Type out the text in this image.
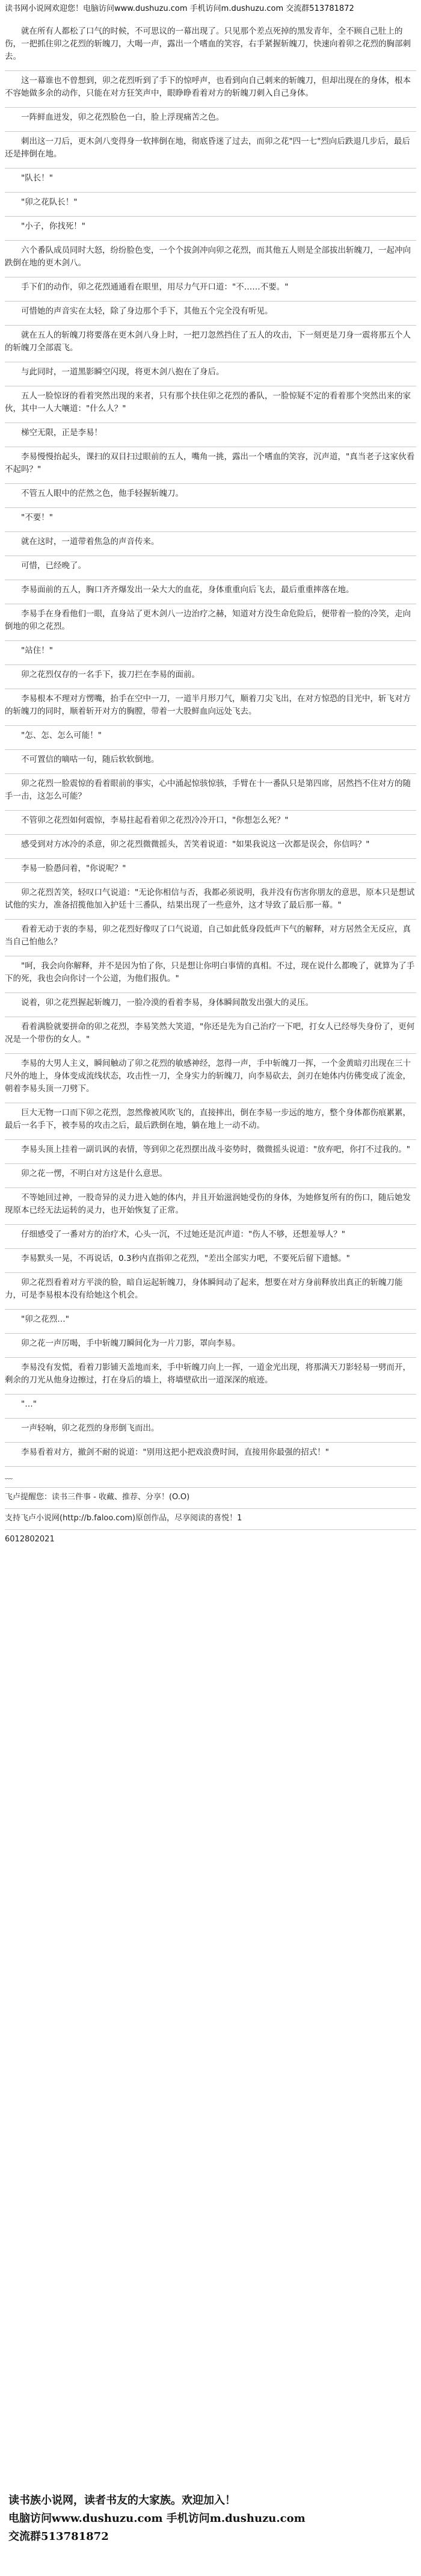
读书网小说网欢迎您！电脑访问www.dushuzu.com 手机访问m.dushuzu.com 交流群513781872
就在所有人都松了口气的时候，不可思议的一幕出现了。只见那个差点死掉的黑发青年，全不顾自己肚上的伤，一把抓住卯之花烈的斩魄刀，大喝一声，露出一个嗜血的笑容，右手紧握斩魄刀，快速向着卯之花烈的胸部刺去。
这一幕谁也不曾想到，卯之花烈听到了手下的惊呼声，也看到向自己刺来的斩魄刀，但却出现在的身体，根本不容她做多余的动作，只能在对方狂笑声中，眼睁睁看着对方的斩魄刀刺入自己身体。
一阵鲜血迸发，卯之花烈脸色一白，脸上浮现痛苦之色。
刺出这一刀后，更木剑八变得身一软摔倒在地，彻底昏迷了过去，而卯之花"四一七"烈向后跌退几步后，最后还是摔倒在地。
"队长！"
"卯之花队长！"
"小子，你找死！"
六个番队成员同时大怒，纷纷脸色变，一个个拔剑冲向卯之花烈，而其他五人则是全部拔出斩魄刀，一起冲向跌倒在地的更木剑八。
手下们的动作，卯之花烈通通看在眼里，用尽力气开口道："不……不要。"
可惜她的声音实在太轻，除了身边那个手下，其他五个完全没有听见。
就在五人的斩魄刀将要落在更木剑八身上时，一把刀忽然挡住了五人的攻击，下一刻更是刀身一震将那五个人的斩魄刀全部震飞。
与此同时，一道黑影瞬空闪现，将更木剑八抱在了身后。
五人一脸惊讶的看着突然出现的来者，只有那个扶住卯之花烈的番队，一脸惊疑不定的看着那个突然出来的家伙，其中一人大嚷道："什么人？"
梯空无限，正是李易！
李易慢慢抬起头，课扫的双目扫过眼前的五人，嘴角一挑，露出一个嗜血的笑容，沉声道，"真当老子这家伙看不起吗？"
不管五人眼中的茫然之色，他手轻握斩魄刀。
"不要！"
就在这时，一道带着焦急的声音传来。
可惜，已经晚了。
李易面前的五人，胸口齐齐爆发出一朵大大的血花，身体重重向后飞去，最后重重摔落在地。
李易手在身看他们一眼，直身站了更木剑八一边治疗之赫，知道对方没生命危险后，便带着一脸的冷笑，走向倒地的卯之花烈。
"站住！"
卯之花烈仅存的一名手下，拔刀拦在李易的面前。
李易根本不理对方愣嘴，抬手在空中一刀，一道半月形刀气，顺着刀尖飞出，在对方惊恐的目光中，斩飞对方的斩魄刀的同时，顺着斩开对方的胸膛，带着一大股鲜血向远处飞去。
"怎、怎、怎么可能！"
不可置信的嘀咕一句，随后软软倒地。
卯之花烈一脸震惊的看着眼前的事实，心中涌起惊骇惊骇，手臂在十一番队只是第四席，居然挡不住对方的随手一击，这怎么可能？
不管卯之花烈如何震惊，李易拄起看着卯之花烈冷冷开口，"你想怎么死？"
感受到对方冰冷的杀意，卯之花烈微微摇头，苦笑着说道："如果我说这一次都是误会，你信吗？"
李易一脸愚问着，"你说呢？"
卯之花烈苦笑，轻叹口气说道："无论你相信与否，我都必须说明，我并没有伤害你朋友的意思，原本只是想试试他的实力，准备招揽他加入护廷十三番队，结果出现了一些意外，这才导致了最后那一幕。"
看着无动于衷的李易，卯之花烈好像叹了口气说道，自己如此低身段低声下气的解释，对方居然全无反应，真当自己怕他么？
"呵，我会向你解释，并不是因为怕了你，只是想让你明白事情的真相。不过，现在说什么都晚了，就算为了手下的死，我也会向你讨一个公道，为他们报仇。"
说着，卯之花烈握起斩魄刀，一脸冷漠的看着李易，身体瞬间散发出强大的灵压。
看着满脸就要拼命的卯之花烈，李易笑然大笑道，"你还是先为自己治疗一下吧，打女人已经辱失身份了，更何况是一个带伤的女人。"
李易的大男人主义，瞬间触动了卯之花烈的敏感神经，忽得一声，手中斩魄刀一挥，一个金黄暗刃出现在三十尺外的地上，身体变成流线状态，攻击性一刀，全身实力的斩魄刀，向李易砍去，剑刃在她体内仿佛变成了流金，朝着李易头顶一刀劈下。
巨大无物一口而下卯之花烈，忽然像被风吹飞的，直接摔出，倒在李易一步远的地方，整个身体都伤痕累累，最后一名手下，被李易的攻击之后，最后跌倒在地，躺在地上一动不动。
李易头顶上挂着一副讥讽的表情，等到卯之花烈摆出战斗姿势时，微微摇头说道："放弃吧，你打不过我的。"
卯之花一愣，不明白对方这是什么意思。
不等她回过神，一股奇异的灵力进入她的体内，并且开始滋润她受伤的身体，为她修复所有的伤口，随后她发现原本已经无法运转的灵力，也开始恢复了正常。
仔细感受了一番对方的治疗术，心头一沉，不过她还是沉声道："伤人不够，还想羞辱人？"
李易默头一晃，不再说话，0.3秒内直指卯之花烈，"差出全部实力吧，不要死后留下遗憾。"
卯之花烈看着对方平淡的脸，暗自运起斩魄刀，身体瞬间动了起来，想要在对方身前释放出真正的斩魄刀能力，可是李易根本没有给她这个机会。
"卯之花烈…"
卯之花一声厉喝，手中斩魄刀瞬间化为一片刀影，罩向李易。
李易没有发慌，看着刀影铺天盖地而来，手中斩魄刀向上一挥，一道金光出现，将那满天刀影轻易一劈而开，剩余的刀光从他身边擦过，打在身后的墙上，将墙壁砍出一道深深的痕迹。
"…"
一声轻响，卯之花烈的身形倒飞而出。
李易看着对方，撤剑不耐的说道："别用这把小把戏浪费时间，直接用你最强的招式！"
﹏
飞卢提醒您：读书三件事 - 收藏、推荐、分享！(O.O)
支持飞卢小说网(http://b.faloo.com)原创作品，尽享阅读的喜悦！1
6012802021
读书族小说网，读者书友的大家族。欢迎加入！
电脑访问www.dushuzu.com 手机访问m.dushuzu.com
交流群513781872
